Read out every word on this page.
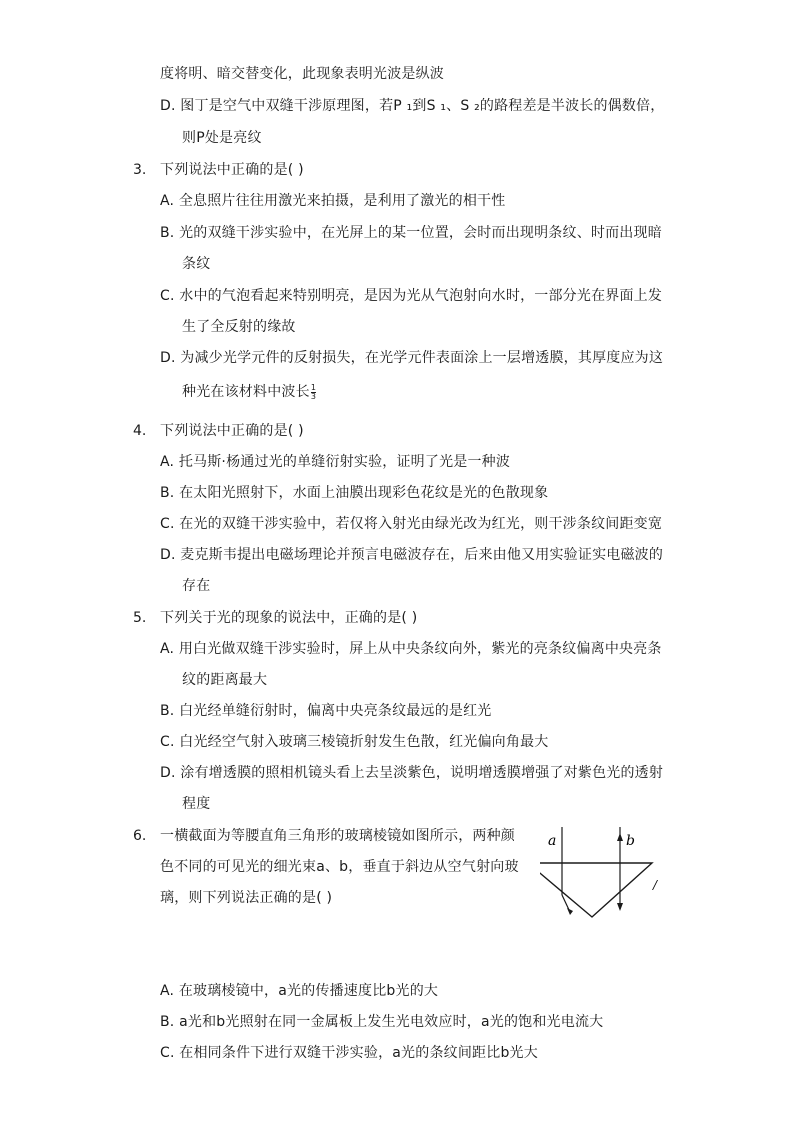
度将明、暗交替变化，此现象表明光波是纵波
D. 图丁是空气中双缝干涉原理图，若P ₁到S ₁、S ₂的路程差是半波长的偶数倍，
则P处是亮纹
3. 下列说法中正确的是( )
A. 全息照片往往用激光来拍摄，是利用了激光的相干性
B. 光的双缝干涉实验中，在光屏上的某一位置，会时而出现明条纹、时而出现暗
条纹
C. 水中的气泡看起来特别明亮，是因为光从气泡射向水时，一部分光在界面上发
生了全反射的缘故
D. 为减少光学元件的反射损失，在光学元件表面涂上一层增透膜，其厚度应为这
种光在该材料中波长 $\frac{1}{3}$
4. 下列说法中正确的是( )
A. 托马斯·杨通过光的单缝衍射实验，证明了光是一种波
B. 在太阳光照射下，水面上油膜出现彩色花纹是光的色散现象
C. 在光的双缝干涉实验中，若仅将入射光由绿光改为红光，则干涉条纹间距变宽
D. 麦克斯韦提出电磁场理论并预言电磁波存在，后来由他又用实验证实电磁波的
存在
5. 下列关于光的现象的说法中，正确的是( )
A. 用白光做双缝干涉实验时，屏上从中央条纹向外，紫光的亮条纹偏离中央亮条
纹的距离最大
B. 白光经单缝衍射时，偏离中央亮条纹最远的是红光
C. 白光经空气射入玻璃三棱镜折射发生色散，红光偏向角最大
D. 涂有增透膜的照相机镜头看上去呈淡紫色，说明增透膜增强了对紫色光的透射
程度
6. 一横截面为等腰直角三角形的玻璃棱镜如图所示，两种颜
色不同的可见光的细光束a、b，垂直于斜边从空气射向玻
璃，则下列说法正确的是( )
a	b
/
A. 在玻璃棱镜中，a光的传播速度比b光的大
B. a光和b光照射在同一金属板上发生光电效应时，a光的饱和光电流大
C. 在相同条件下进行双缝干涉实验，a光的条纹间距比b光大
